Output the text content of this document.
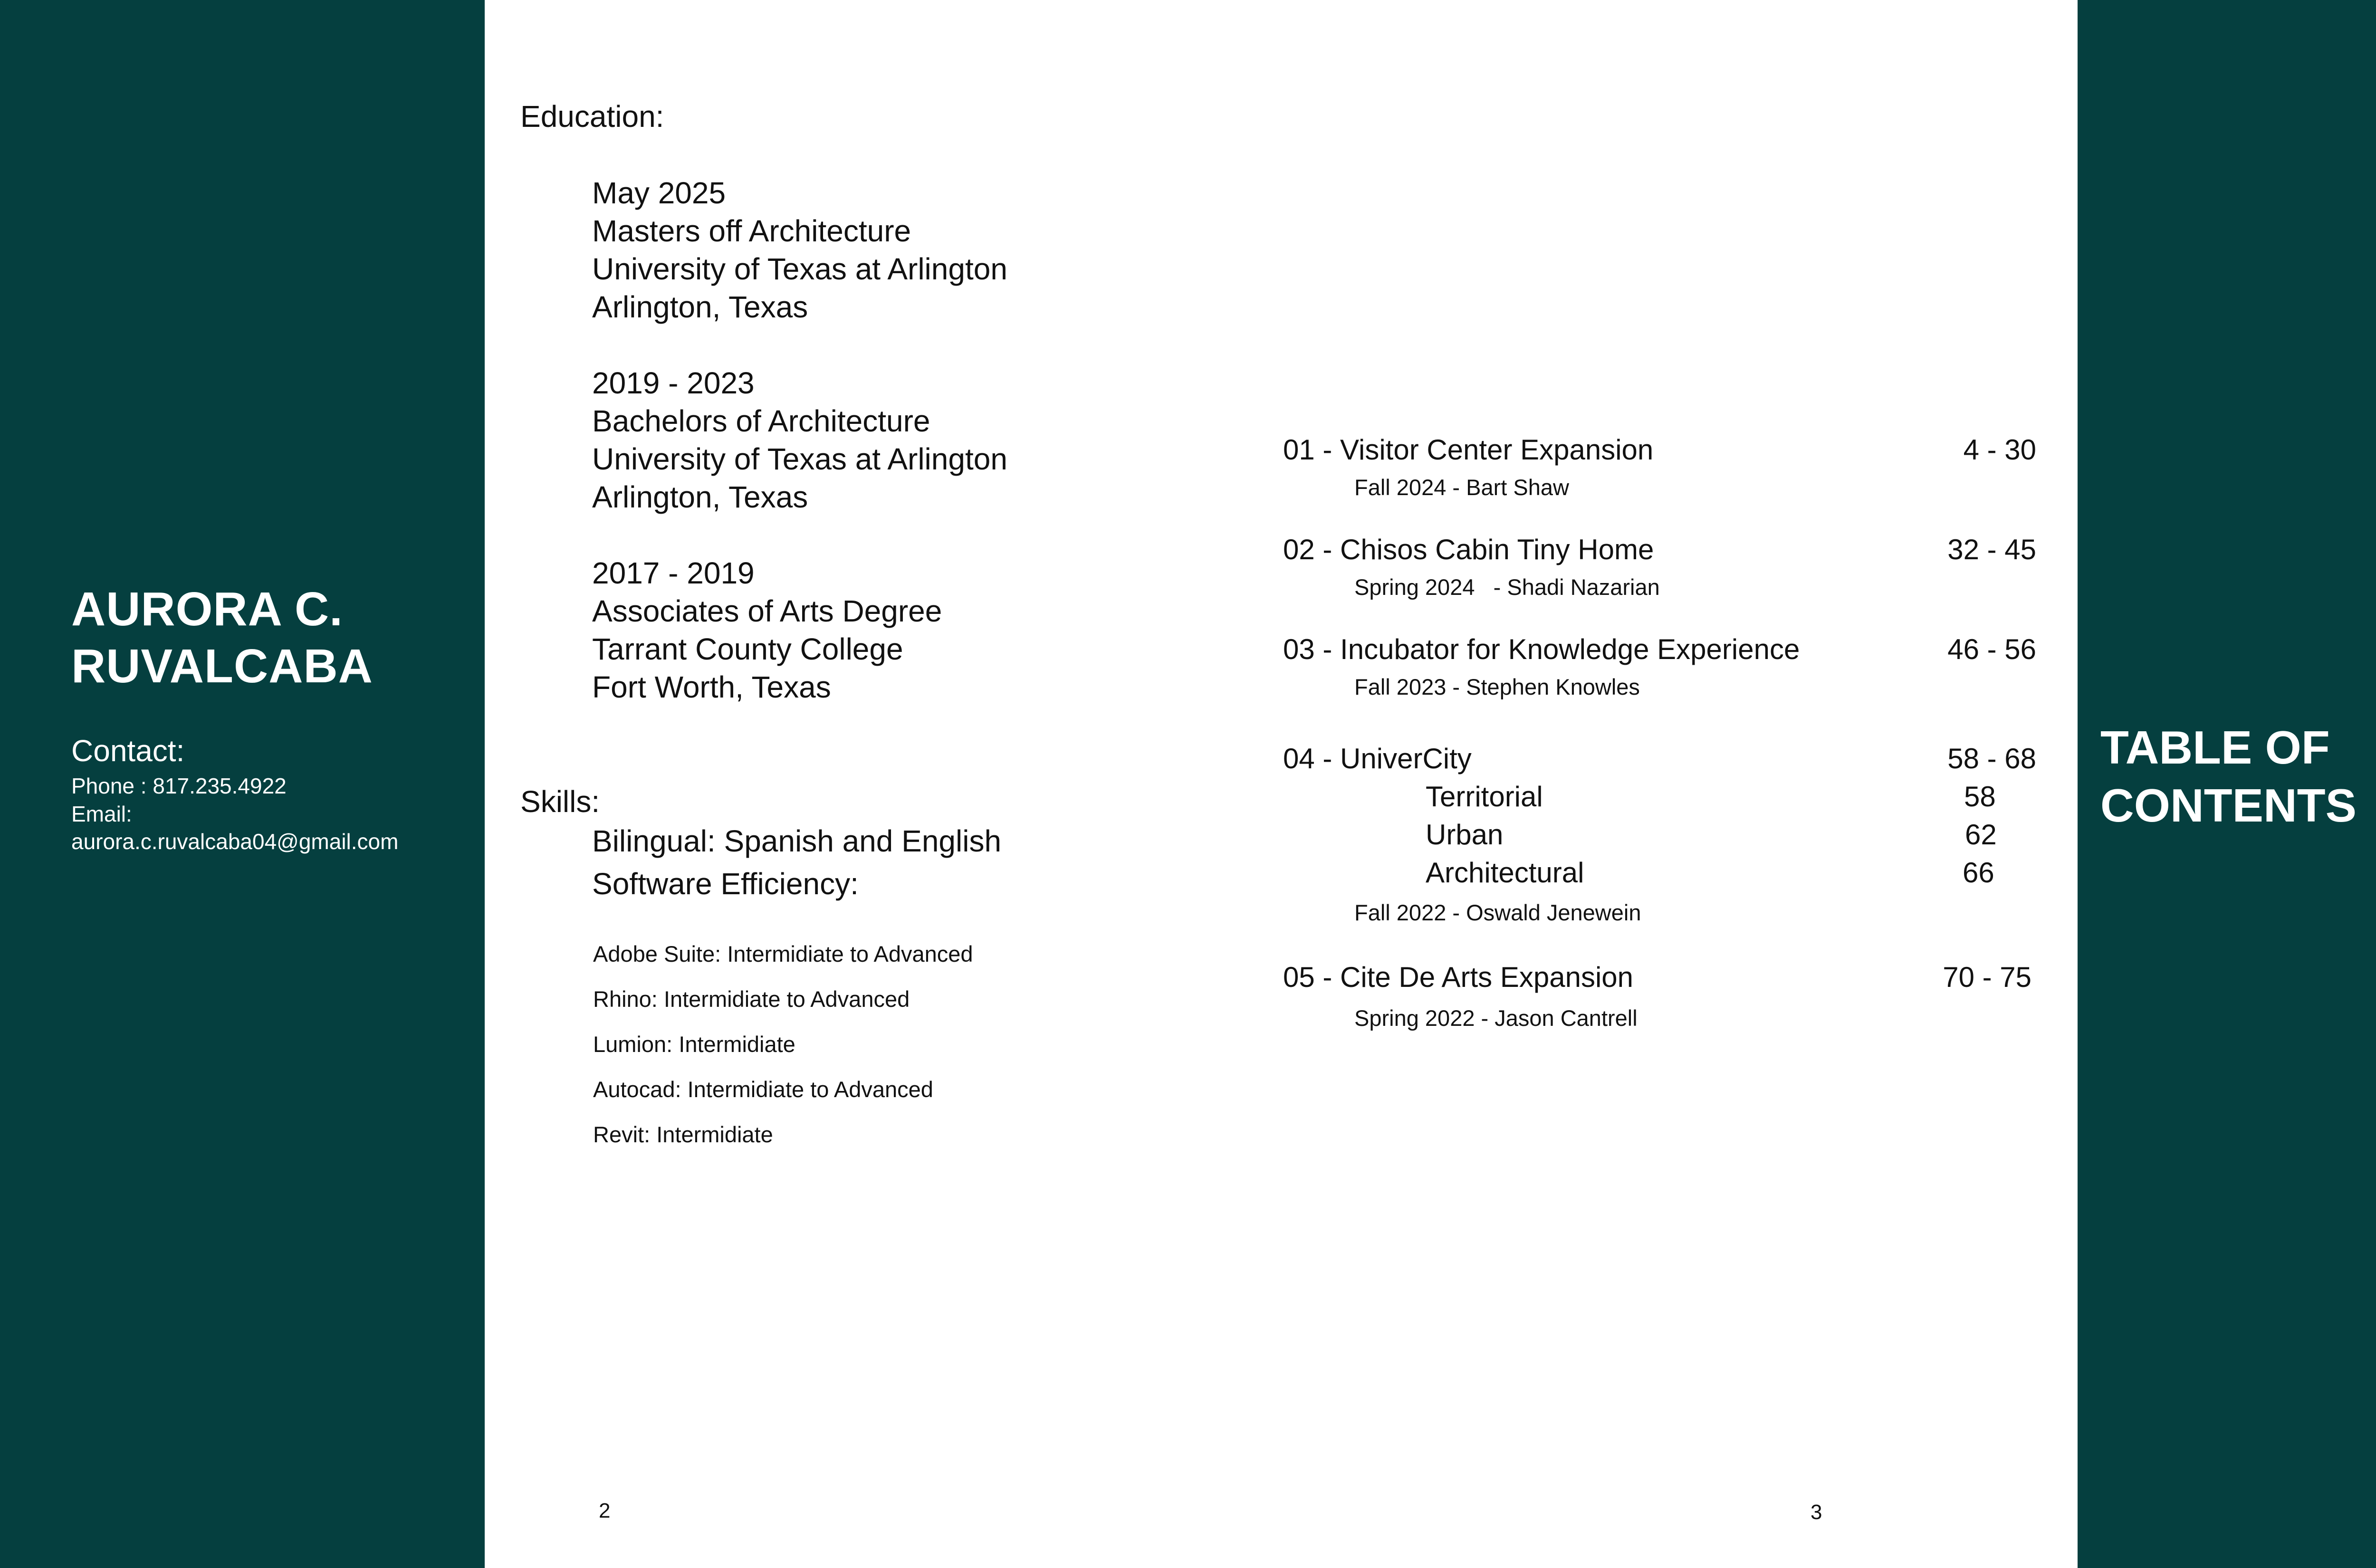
AURORA C.
RUVALCABA
Contact:
Phone : 817.235.4922
Email:
aurora.c.ruvalcaba04@gmail.com
TABLE OF
CONTENTS
Education:
May 2025
Masters off Architecture
University of Texas at Arlington
Arlington, Texas
2019 - 2023
Bachelors of Architecture
University of Texas at Arlington
Arlington, Texas
2017 - 2019
Associates of Arts Degree
Tarrant County College
Fort Worth, Texas
Skills:
Bilingual: Spanish and English
Software Efficiency:
Adobe Suite: Intermidiate to Advanced
Rhino: Intermidiate to Advanced
Lumion: Intermidiate
Autocad: Intermidiate to Advanced
Revit: Intermidiate
01 - Visitor Center Expansion	4 - 30
Fall 2024 - Bart Shaw
02 - Chisos Cabin Tiny Home	32 - 45
Spring 2024   - Shadi Nazarian
03 - Incubator for Knowledge Experience	46 - 56
Fall 2023 - Stephen Knowles
04 - UniverCity	58 - 68
Territorial	58
Urban	62
Architectural	66
Fall 2022 - Oswald Jenewein
05 - Cite De Arts Expansion	70 - 75
Spring 2022 - Jason Cantrell
2	3
